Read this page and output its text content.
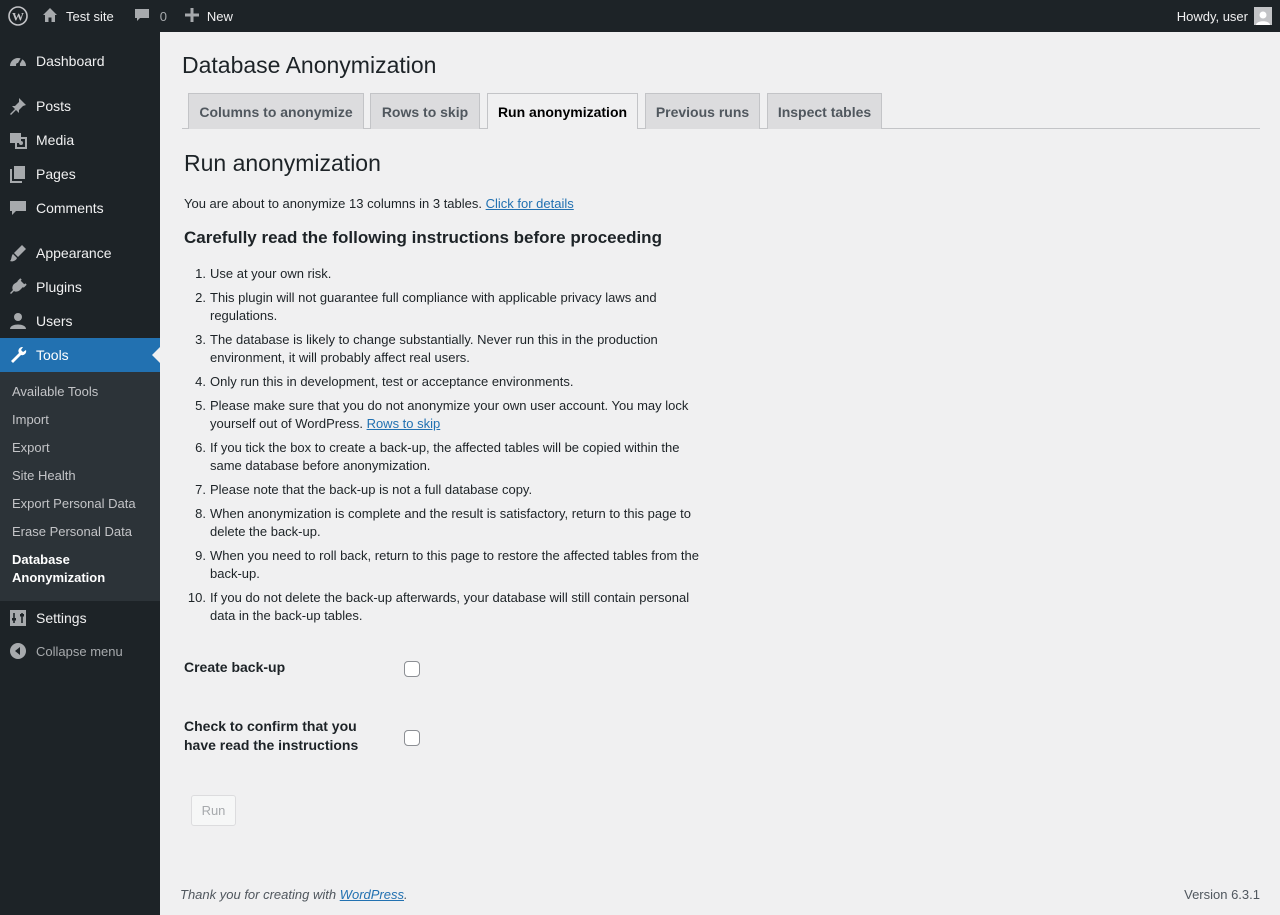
W	Test site	0	New	Howdy, user
Dashboard
Posts
Media
Pages
Comments
Appearance
Plugins
Users
Tools
Available Tools
Import
Export
Site Health
Export Personal Data
Erase Personal Data
Database Anonymization
Settings
Collapse menu
Database Anonymization
Columns to anonymize	Rows to skip	Run anonymization	Previous runs	Inspect tables
Run anonymization

You are about to anonymize 13 columns in 3 tables. Click for details

Carefully read the following instructions before proceeding
1. Use at your own risk.
2. This plugin will not guarantee full compliance with applicable privacy laws and regulations.
3. The database is likely to change substantially. Never run this in the production environment, it will probably affect real users.
4. Only run this in development, test or acceptance environments.
5. Please make sure that you do not anonymize your own user account. You may lock yourself out of WordPress. Rows to skip
6. If you tick the box to create a back-up, the affected tables will be copied within the same database before anonymization.
7. Please note that the back-up is not a full database copy.
8. When anonymization is complete and the result is satisfactory, return to this page to delete the back-up.
9. When you need to roll back, return to this page to restore the affected tables from the back-up.
10. If you do not delete the back-up afterwards, your database will still contain personal data in the back-up tables.
Create back-up
Check to confirm that you have read the instructions
Run
Thank you for creating with WordPress.	Version 6.3.1
